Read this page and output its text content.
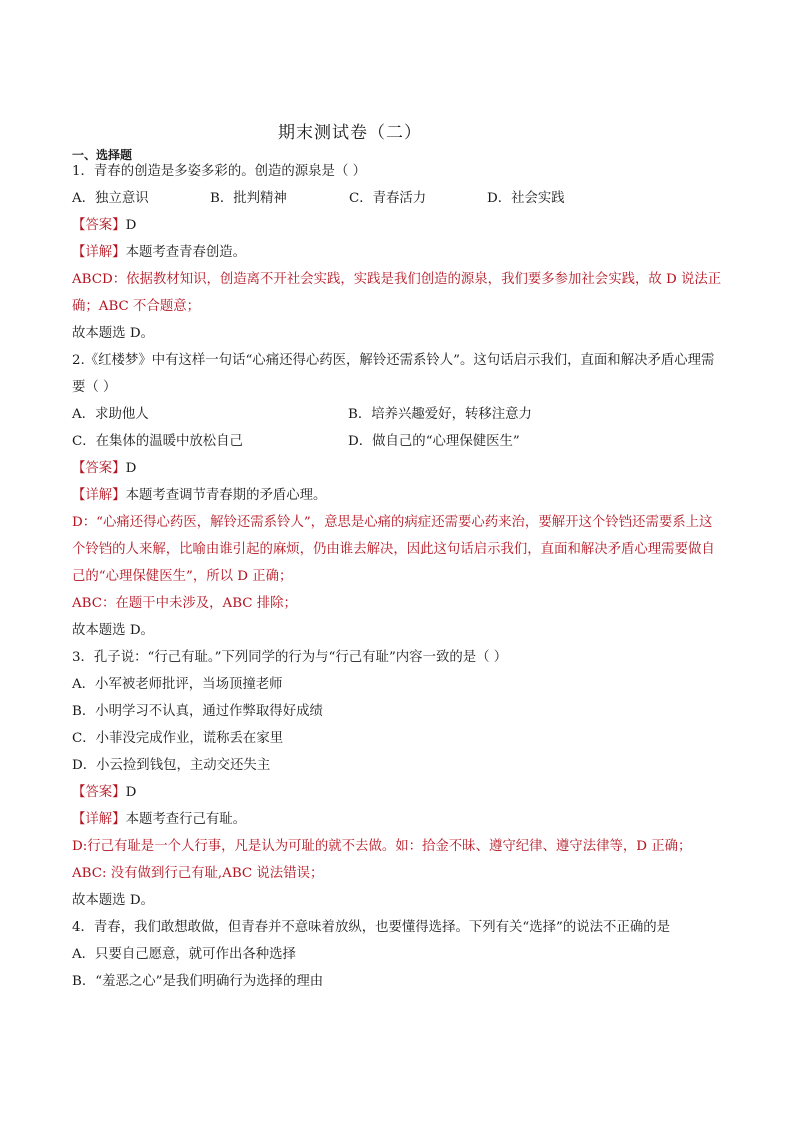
期末测试卷（二）
一、选择题
1．青春的创造是多姿多彩的。创造的源泉是（ ）
A．独立意识	B．批判精神	C．青春活力	D．社会实践
【答案】D
【详解】本题考查青春创造。
ABCD：依据教材知识，创造离不开社会实践，实践是我们创造的源泉，我们要多参加社会实践，故 D 说法正确；ABC 不合题意；
故本题选 D。
2.《红楼梦》中有这样一句话“心痛还得心药医，解铃还需系铃人”。这句话启示我们，直面和解决矛盾心理需要（ ）
A．求助他人	B．培养兴趣爱好，转移注意力
C．在集体的温暖中放松自己	D．做自己的“心理保健医生”
【答案】D
【详解】本题考查调节青春期的矛盾心理。
D：“心痛还得心药医，解铃还需系铃人”，意思是心痛的病症还需要心药来治，要解开这个铃铛还需要系上这个铃铛的人来解，比喻由谁引起的麻烦，仍由谁去解决，因此这句话启示我们，直面和解决矛盾心理需要做自己的“心理保健医生”，所以 D 正确；
ABC：在题干中未涉及，ABC 排除；
故本题选 D。
3．孔子说：“行己有耻。”下列同学的行为与“行己有耻”内容一致的是（ ）
A．小军被老师批评，当场顶撞老师
B．小明学习不认真，通过作弊取得好成绩
C．小菲没完成作业，谎称丢在家里
D．小云捡到钱包，主动交还失主
【答案】D
【详解】本题考查行己有耻。
D:行己有耻是一个人行事，凡是认为可耻的就不去做。如：拾金不昧、遵守纪律、遵守法律等，D 正确；
ABC: 没有做到行己有耻,ABC 说法错误；
故本题选 D。
4．青春，我们敢想敢做，但青春并不意味着放纵，也要懂得选择。下列有关“选择”的说法不正确的是
A．只要自己愿意，就可作出各种选择
B．“羞恶之心”是我们明确行为选择的理由
